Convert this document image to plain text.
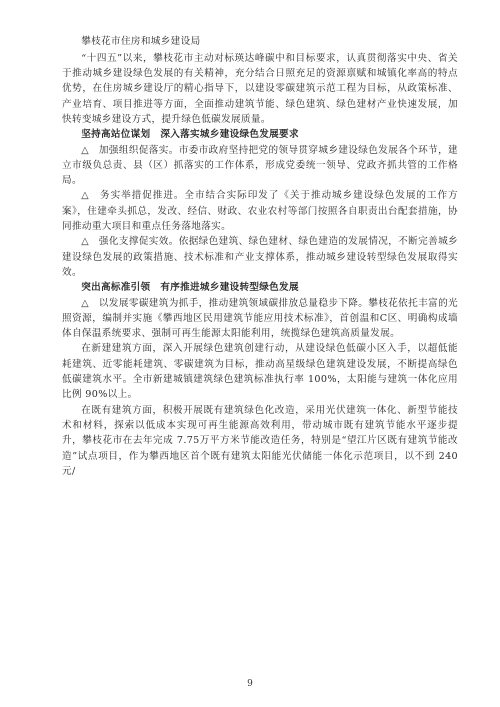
攀枝花市住房和城乡建设局

“十四五”以来，攀枝花市主动对标瑛达峰碳中和目标要求，认真贯彻落实中央、省关于推动城乡建设绿色发展的有关精神，充分结合日照充足的资源禀赋和城镇化率高的特点优势，在住房城乡建设厅的精心指导下，以建设零碳建筑示范工程为目标，从政策标准、产业培育、项目推进等方面，全面推动建筑节能、绿色建筑、绿色建材产业快速发展，加快转变城乡建设方式，提升绿色低碳发展质量。

坚持高站位谋划　深入落实城乡建设绿色发展要求

△　加强组织促落实。市委市政府坚持把党的领导贯穿城乡建设绿色发展各个环节，建立市级负总责、县（区）抓落实的工作体系，形成党委统一领导、党政齐抓共管的工作格局。

△　务实举措促推进。全市结合实际印发了《关于推动城乡建设绿色发展的工作方案》，住建牵头抓总，发改、经信、财政、农业农村等部门按照各自职责出台配套措施，协同推动重大项目和重点任务落地落实。

△　强化支撑促实效。依据绿色建筑、绿色建材、绿色建造的发展情况，不断完善城乡建设绿色发展的政策措施、技术标准和产业支撑体系，推动城乡建设转型绿色发展取得实效。

突出高标准引领　有序推进城乡建设转型绿色发展

△　以发展零碳建筑为抓手，推动建筑领域碳排放总量稳步下降。攀枝花依托丰富的光照资源，编制并实施《攀西地区民用建筑节能应用技术标准》，首创温和C区、明确构成墙体自保温系统要求、强制可再生能源太阳能利用，统揽绿色建筑高质量发展。

在新建建筑方面，深入开展绿色建筑创建行动，从建设绿色低碳小区入手，以超低能耗建筑、近零能耗建筑、零碳建筑为目标，推动高星级绿色建筑建设发展，不断提高绿色低碳建筑水平。全市新建城镇建筑绿色建筑标准执行率 100%，太阳能与建筑一体化应用比例 90%以上。

在既有建筑方面，积极开展既有建筑绿色化改造，采用光伏建筑一体化、新型节能技术和材料，探索以低成本实现可再生能源高效利用，带动城市既有建筑节能水平逐步提升，攀枝花市在去年完成 7.75万平方米节能改造任务，特别是“望江片区既有建筑节能改造”试点项目，作为攀西地区首个既有建筑太阳能光伏储能一体化示范项目，以不到 240 元/

9
